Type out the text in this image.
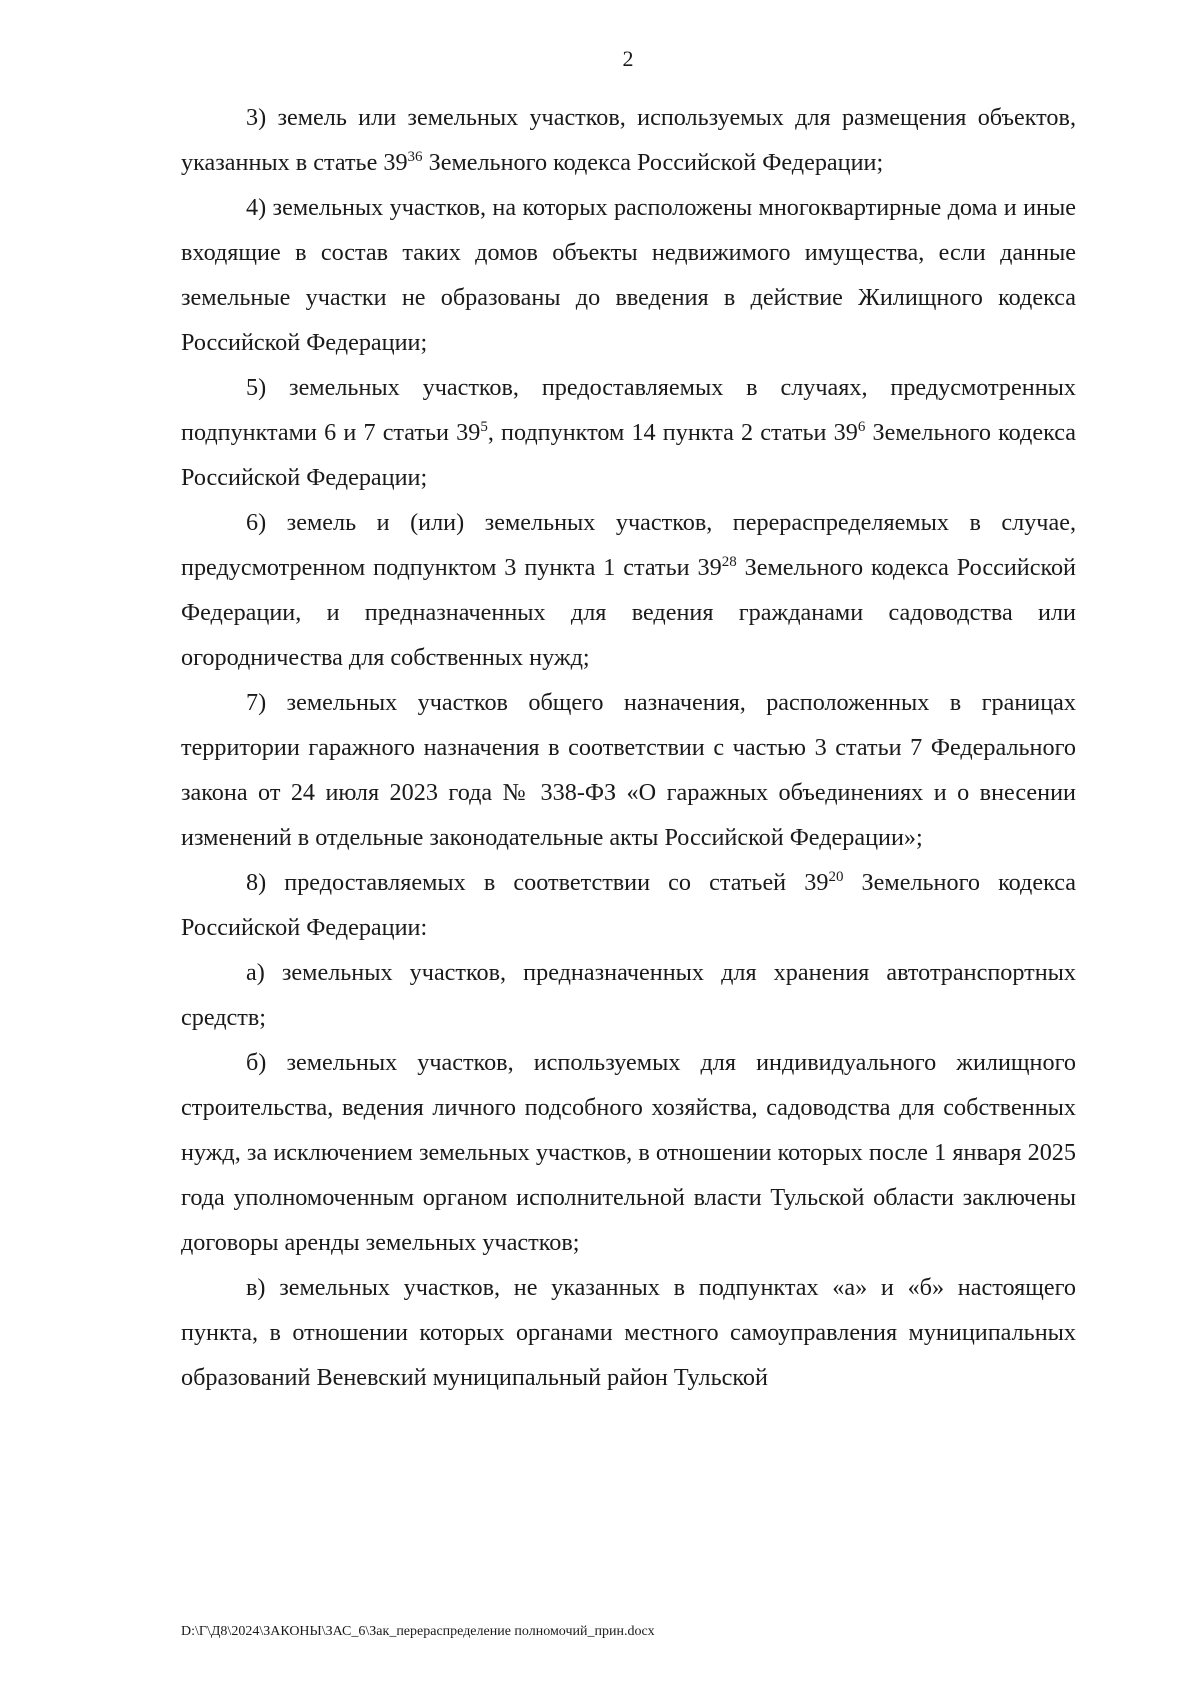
2

3) земель или земельных участков, используемых для размещения объектов, указанных в статье $39^{36}$ Земельного кодекса Российской Федерации;

4) земельных участков, на которых расположены многоквартирные дома и иные входящие в состав таких домов объекты недвижимого имущества, если данные земельные участки не образованы до введения в действие Жилищного кодекса Российской Федерации;

5) земельных участков, предоставляемых в случаях, предусмотренных подпунктами 6 и 7 статьи $39^5$, подпунктом 14 пункта 2 статьи $39^6$ Земельного кодекса Российской Федерации;

6) земель и (или) земельных участков, перераспределяемых в случае, предусмотренном подпунктом 3 пункта 1 статьи $39^{28}$ Земельного кодекса Российской Федерации, и предназначенных для ведения гражданами садоводства или огородничества для собственных нужд;

7) земельных участков общего назначения, расположенных в границах территории гаражного назначения в соответствии с частью 3 статьи 7 Федерального закона от 24 июля 2023 года № 338-ФЗ «О гаражных объединениях и о внесении изменений в отдельные законодательные акты Российской Федерации»;

8) предоставляемых в соответствии со статьей $39^{20}$ Земельного кодекса Российской Федерации:

а) земельных участков, предназначенных для хранения автотранспортных средств;

б) земельных участков, используемых для индивидуального жилищного строительства, ведения личного подсобного хозяйства, садоводства для собственных нужд, за исключением земельных участков, в отношении которых после 1 января 2025 года уполномоченным органом исполнительной власти Тульской области заключены договоры аренды земельных участков;

в) земельных участков, не указанных в подпунктах «а» и «б» настоящего пункта, в отношении которых органами местного самоуправления муниципальных образований Веневский муниципальный район Тульской

D:\Г\Д8\2024\ЗАКОНЫ\ЗАС_6\Зак_перераспределение полномочий_прин.docx
